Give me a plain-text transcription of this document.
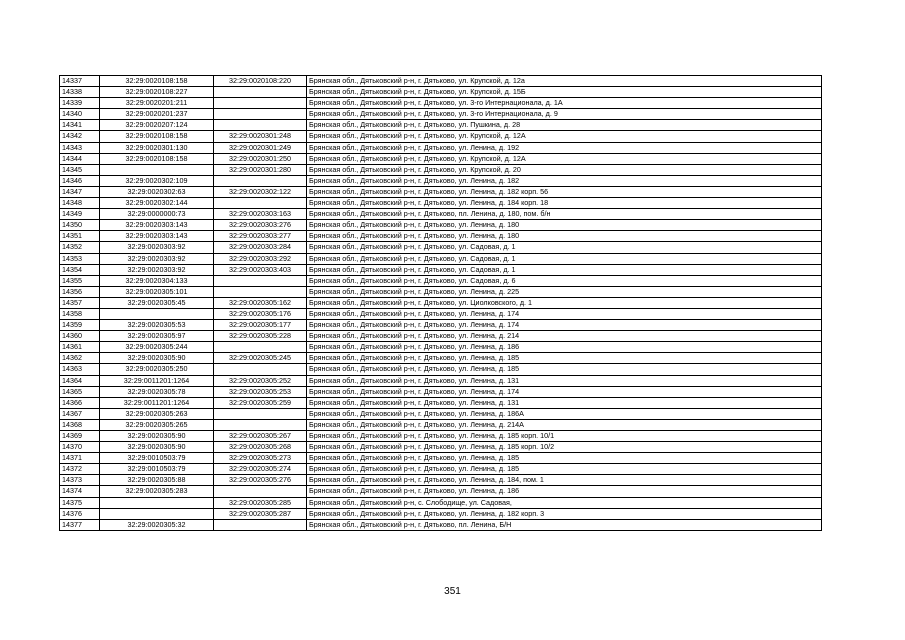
14337	32:29:0020108:158	32:29:0020108:220	Брянская обл., Дятьковский р-н, г. Дятьково, ул. Крупской, д. 12а
14338	32:29:0020108:227		Брянская обл., Дятьковский р-н, г. Дятьково, ул. Крупской, д. 15Б
14339	32:29:0020201:211		Брянская обл., Дятьковский р-н, г. Дятьково, ул. 3-го Интернационала, д. 1А
14340	32:29:0020201:237		Брянская обл., Дятьковский р-н, г. Дятьково, ул. 3-го Интернационала, д. 9
14341	32:29:0020207:124		Брянская обл., Дятьковский р-н, г. Дятьково, ул. Пушкина, д. 28
14342	32:29:0020108:158	32:29:0020301:248	Брянская обл., Дятьковский р-н, г. Дятьково, ул. Крупской, д. 12А
14343	32:29:0020301:130	32:29:0020301:249	Брянская обл., Дятьковский р-н, г. Дятьково, ул. Ленина, д. 192
14344	32:29:0020108:158	32:29:0020301:250	Брянская обл., Дятьковский р-н, г. Дятьково, ул. Крупской, д. 12А
14345		32:29:0020301:280	Брянская обл., Дятьковский р-н, г. Дятьково, ул. Крупской, д. 20
14346	32:29:0020302:109		Брянская обл., Дятьковский р-н, г. Дятьково, ул. Ленина, д. 182
14347	32:29:0020302:63	32:29:0020302:122	Брянская обл., Дятьковский р-н, г. Дятьково, ул. Ленина, д. 182 корп. 56
14348	32:29:0020302:144		Брянская обл., Дятьковский р-н, г. Дятьково, ул. Ленина, д. 184 корп. 18
14349	32:29:0000000:73	32:29:0020303:163	Брянская обл., Дятьковский р-н, г. Дятьково, пл. Ленина, д. 180, пом. б/н
14350	32:29:0020303:143	32:29:0020303:276	Брянская обл., Дятьковский р-н, г. Дятьково, ул. Ленина, д. 180
14351	32:29:0020303:143	32:29:0020303:277	Брянская обл., Дятьковский р-н, г. Дятьково, ул. Ленина, д. 180
14352	32:29:0020303:92	32:29:0020303:284	Брянская обл., Дятьковский р-н, г. Дятьково, ул. Садовая, д. 1
14353	32:29:0020303:92	32:29:0020303:292	Брянская обл., Дятьковский р-н, г. Дятьково, ул. Садовая, д. 1
14354	32:29:0020303:92	32:29:0020303:403	Брянская обл., Дятьковский р-н, г. Дятьково, ул. Садовая, д. 1
14355	32:29:0020304:133		Брянская обл., Дятьковский р-н, г. Дятьково, ул. Садовая, д. 6
14356	32:29:0020305:101		Брянская обл., Дятьковский р-н, г. Дятьково, ул. Ленина, д. 225
14357	32:29:0020305:45	32:29:0020305:162	Брянская обл., Дятьковский р-н, г. Дятьково, ул. Циолковского, д. 1
14358		32:29:0020305:176	Брянская обл., Дятьковский р-н, г. Дятьково, ул. Ленина, д. 174
14359	32:29:0020305:53	32:29:0020305:177	Брянская обл., Дятьковский р-н, г. Дятьково, ул. Ленина, д. 174
14360	32:29:0020305:97	32:29:0020305:228	Брянская обл., Дятьковский р-н, г. Дятьково, ул. Ленина, д. 214
14361	32:29:0020305:244		Брянская обл., Дятьковский р-н, г. Дятьково, ул. Ленина, д. 186
14362	32:29:0020305:90	32:29:0020305:245	Брянская обл., Дятьковский р-н, г. Дятьково, ул. Ленина, д. 185
14363	32:29:0020305:250		Брянская обл., Дятьковский р-н, г. Дятьково, ул. Ленина, д. 185
14364	32:29:0011201:1264	32:29:0020305:252	Брянская обл., Дятьковский р-н, г. Дятьково, ул. Ленина, д. 131
14365	32:29:0020305:78	32:29:0020305:253	Брянская обл., Дятьковский р-н, г. Дятьково, ул. Ленина, д. 174
14366	32:29:0011201:1264	32:29:0020305:259	Брянская обл., Дятьковский р-н, г. Дятьково, ул. Ленина, д. 131
14367	32:29:0020305:263		Брянская обл., Дятьковский р-н, г. Дятьково, ул. Ленина, д. 186А
14368	32:29:0020305:265		Брянская обл., Дятьковский р-н, г. Дятьково, ул. Ленина, д. 214А
14369	32:29:0020305:90	32:29:0020305:267	Брянская обл., Дятьковский р-н, г. Дятьково, ул. Ленина, д. 185 корп. 10/1
14370	32:29:0020305:90	32:29:0020305:268	Брянская обл., Дятьковский р-н, г. Дятьково, ул. Ленина, д. 185 корп. 10/2
14371	32:29:0010503:79	32:29:0020305:273	Брянская обл., Дятьковский р-н, г. Дятьково, ул. Ленина, д. 185
14372	32:29:0010503:79	32:29:0020305:274	Брянская обл., Дятьковский р-н, г. Дятьково, ул. Ленина, д. 185
14373	32:29:0020305:88	32:29:0020305:276	Брянская обл., Дятьковский р-н, г. Дятьково, ул. Ленина, д. 184, пом. 1
14374	32:29:0020305:283		Брянская обл., Дятьковский р-н, г. Дятьково, ул. Ленина, д. 186
14375		32:29:0020305:285	Брянская обл., Дятьковский р-н, с. Слободище, ул. Садовая,
14376		32:29:0020305:287	Брянская обл., Дятьковский р-н, г. Дятьково, ул. Ленина, д. 182 корп. 3
14377	32:29:0020305:32		Брянская обл., Дятьковский р-н, г. Дятьково, пл. Ленина, Б/Н
351
